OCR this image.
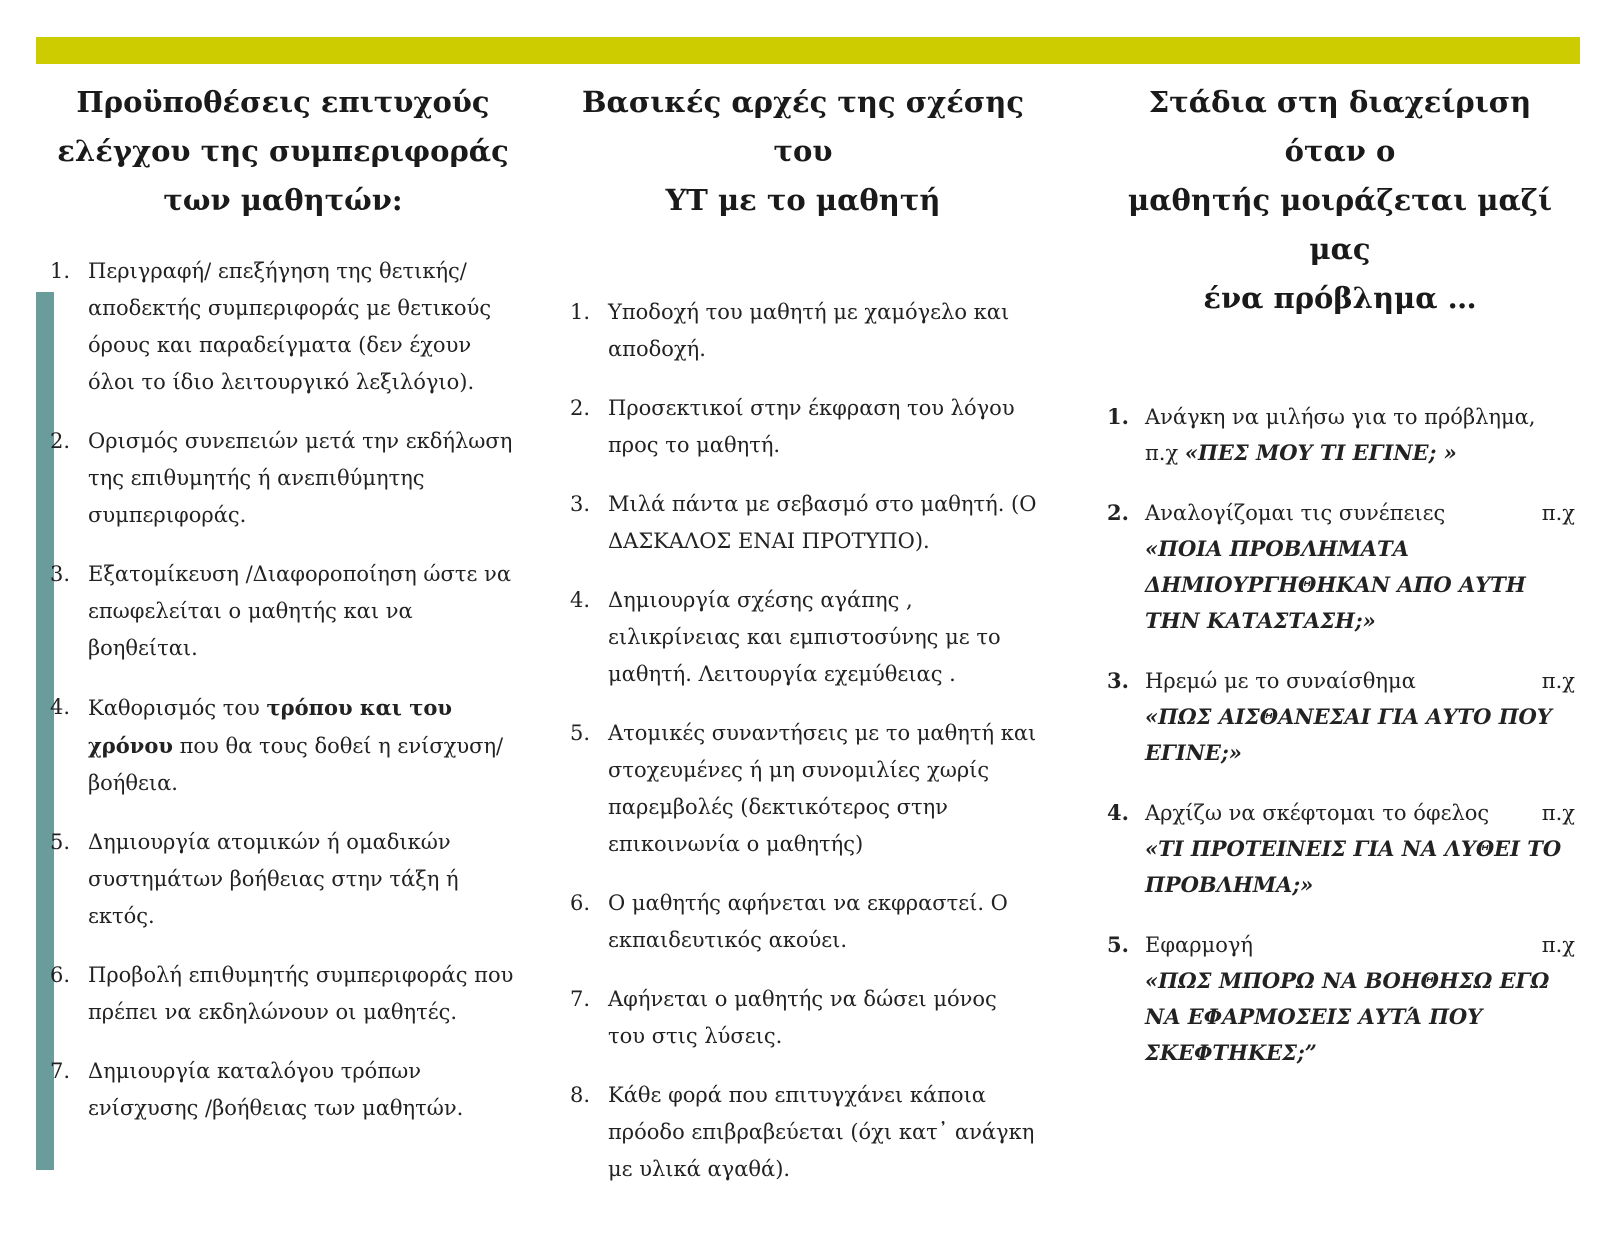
Προϋποθέσεις επιτυχούς
ελέγχου της συμπεριφοράς
των μαθητών:
1. Περιγραφή/ επεξήγηση της θετικής/ αποδεκτής συμπεριφοράς με θετικούς όρους και παραδείγματα (δεν έχουν όλοι το ίδιο λειτουργικό λεξιλόγιο).
2. Ορισμός συνεπειών μετά την εκδήλωση της επιθυμητής ή ανεπιθύμητης συμπεριφοράς.
3. Εξατομίκευση /Διαφοροποίηση ώστε να επωφελείται ο μαθητής και να βοηθείται.
4. Καθορισμός του τρόπου και του χρόνου που θα τους δοθεί η ενίσχυση/ βοήθεια.
5. Δημιουργία ατομικών ή ομαδικών συστημάτων βοήθειας στην τάξη ή εκτός.
6. Προβολή επιθυμητής συμπεριφοράς που πρέπει να εκδηλώνουν οι μαθητές.
7. Δημιουργία καταλόγου τρόπων ενίσχυσης /βοήθειας των μαθητών.
Βασικές αρχές της σχέσης του
ΥΤ με το μαθητή
1. Υποδοχή του μαθητή με χαμόγελο και αποδοχή.
2. Προσεκτικοί στην έκφραση του λόγου προς το μαθητή.
3. Μιλά πάντα με σεβασμό στο μαθητή. (Ο ΔΑΣΚΑΛΟΣ ΕΝΑΙ ΠΡΟΤΥΠΟ).
4. Δημιουργία σχέσης αγάπης , ειλικρίνειας και εμπιστοσύνης με το μαθητή. Λειτουργία εχεμύθειας .
5. Ατομικές συναντήσεις με το μαθητή και στοχευμένες ή μη συνομιλίες χωρίς παρεμβολές (δεκτικότερος στην επικοινωνία ο μαθητής)
6. Ο μαθητής αφήνεται να εκφραστεί. Ο εκπαιδευτικός ακούει.
7. Αφήνεται ο μαθητής να δώσει μόνος του στις λύσεις.
8. Κάθε φορά που επιτυγχάνει κάποια πρόοδο επιβραβεύεται (όχι κατ᾽ ανάγκη με υλικά αγαθά).
Στάδια στη διαχείριση όταν ο
μαθητής μοιράζεται μαζί μας
ένα πρόβλημα …
1. Ανάγκη να μιλήσω για το πρόβλημα,
π.χ «ΠΕΣ ΜΟΥ ΤΙ ΕΓΙΝΕ; »
2. Αναλογίζομαι τις συνέπειες	π.χ
«ΠΟΙΑ ΠΡΟΒΛΗΜΑΤΑ ΔΗΜΙΟΥΡΓΗΘΗΚΑΝ ΑΠΟ ΑΥΤΗ ΤΗΝ ΚΑΤΑΣΤΑΣΗ;»
3. Ηρεμώ με το συναίσθημα	π.χ
«ΠΩΣ ΑΙΣΘΑΝΕΣΑΙ ΓΙΑ ΑΥΤΟ ΠΟΥ ΕΓΙΝΕ;»
4. Αρχίζω να σκέφτομαι το όφελος	π.χ
«ΤΙ ΠΡΟΤΕΙΝΕΙΣ ΓΙΑ ΝΑ ΛΥΘΕΙ ΤΟ ΠΡΟΒΛΗΜΑ;»
5. Εφαρμογή	π.χ
«ΠΩΣ ΜΠΟΡΩ ΝΑ ΒΟΗΘΗΣΩ ΕΓΩ ΝΑ ΕΦΑΡΜΟΣΕΙΣ ΑΥΤΆ ΠΟΥ ΣΚΕΦΤΗΚΕΣ;”
